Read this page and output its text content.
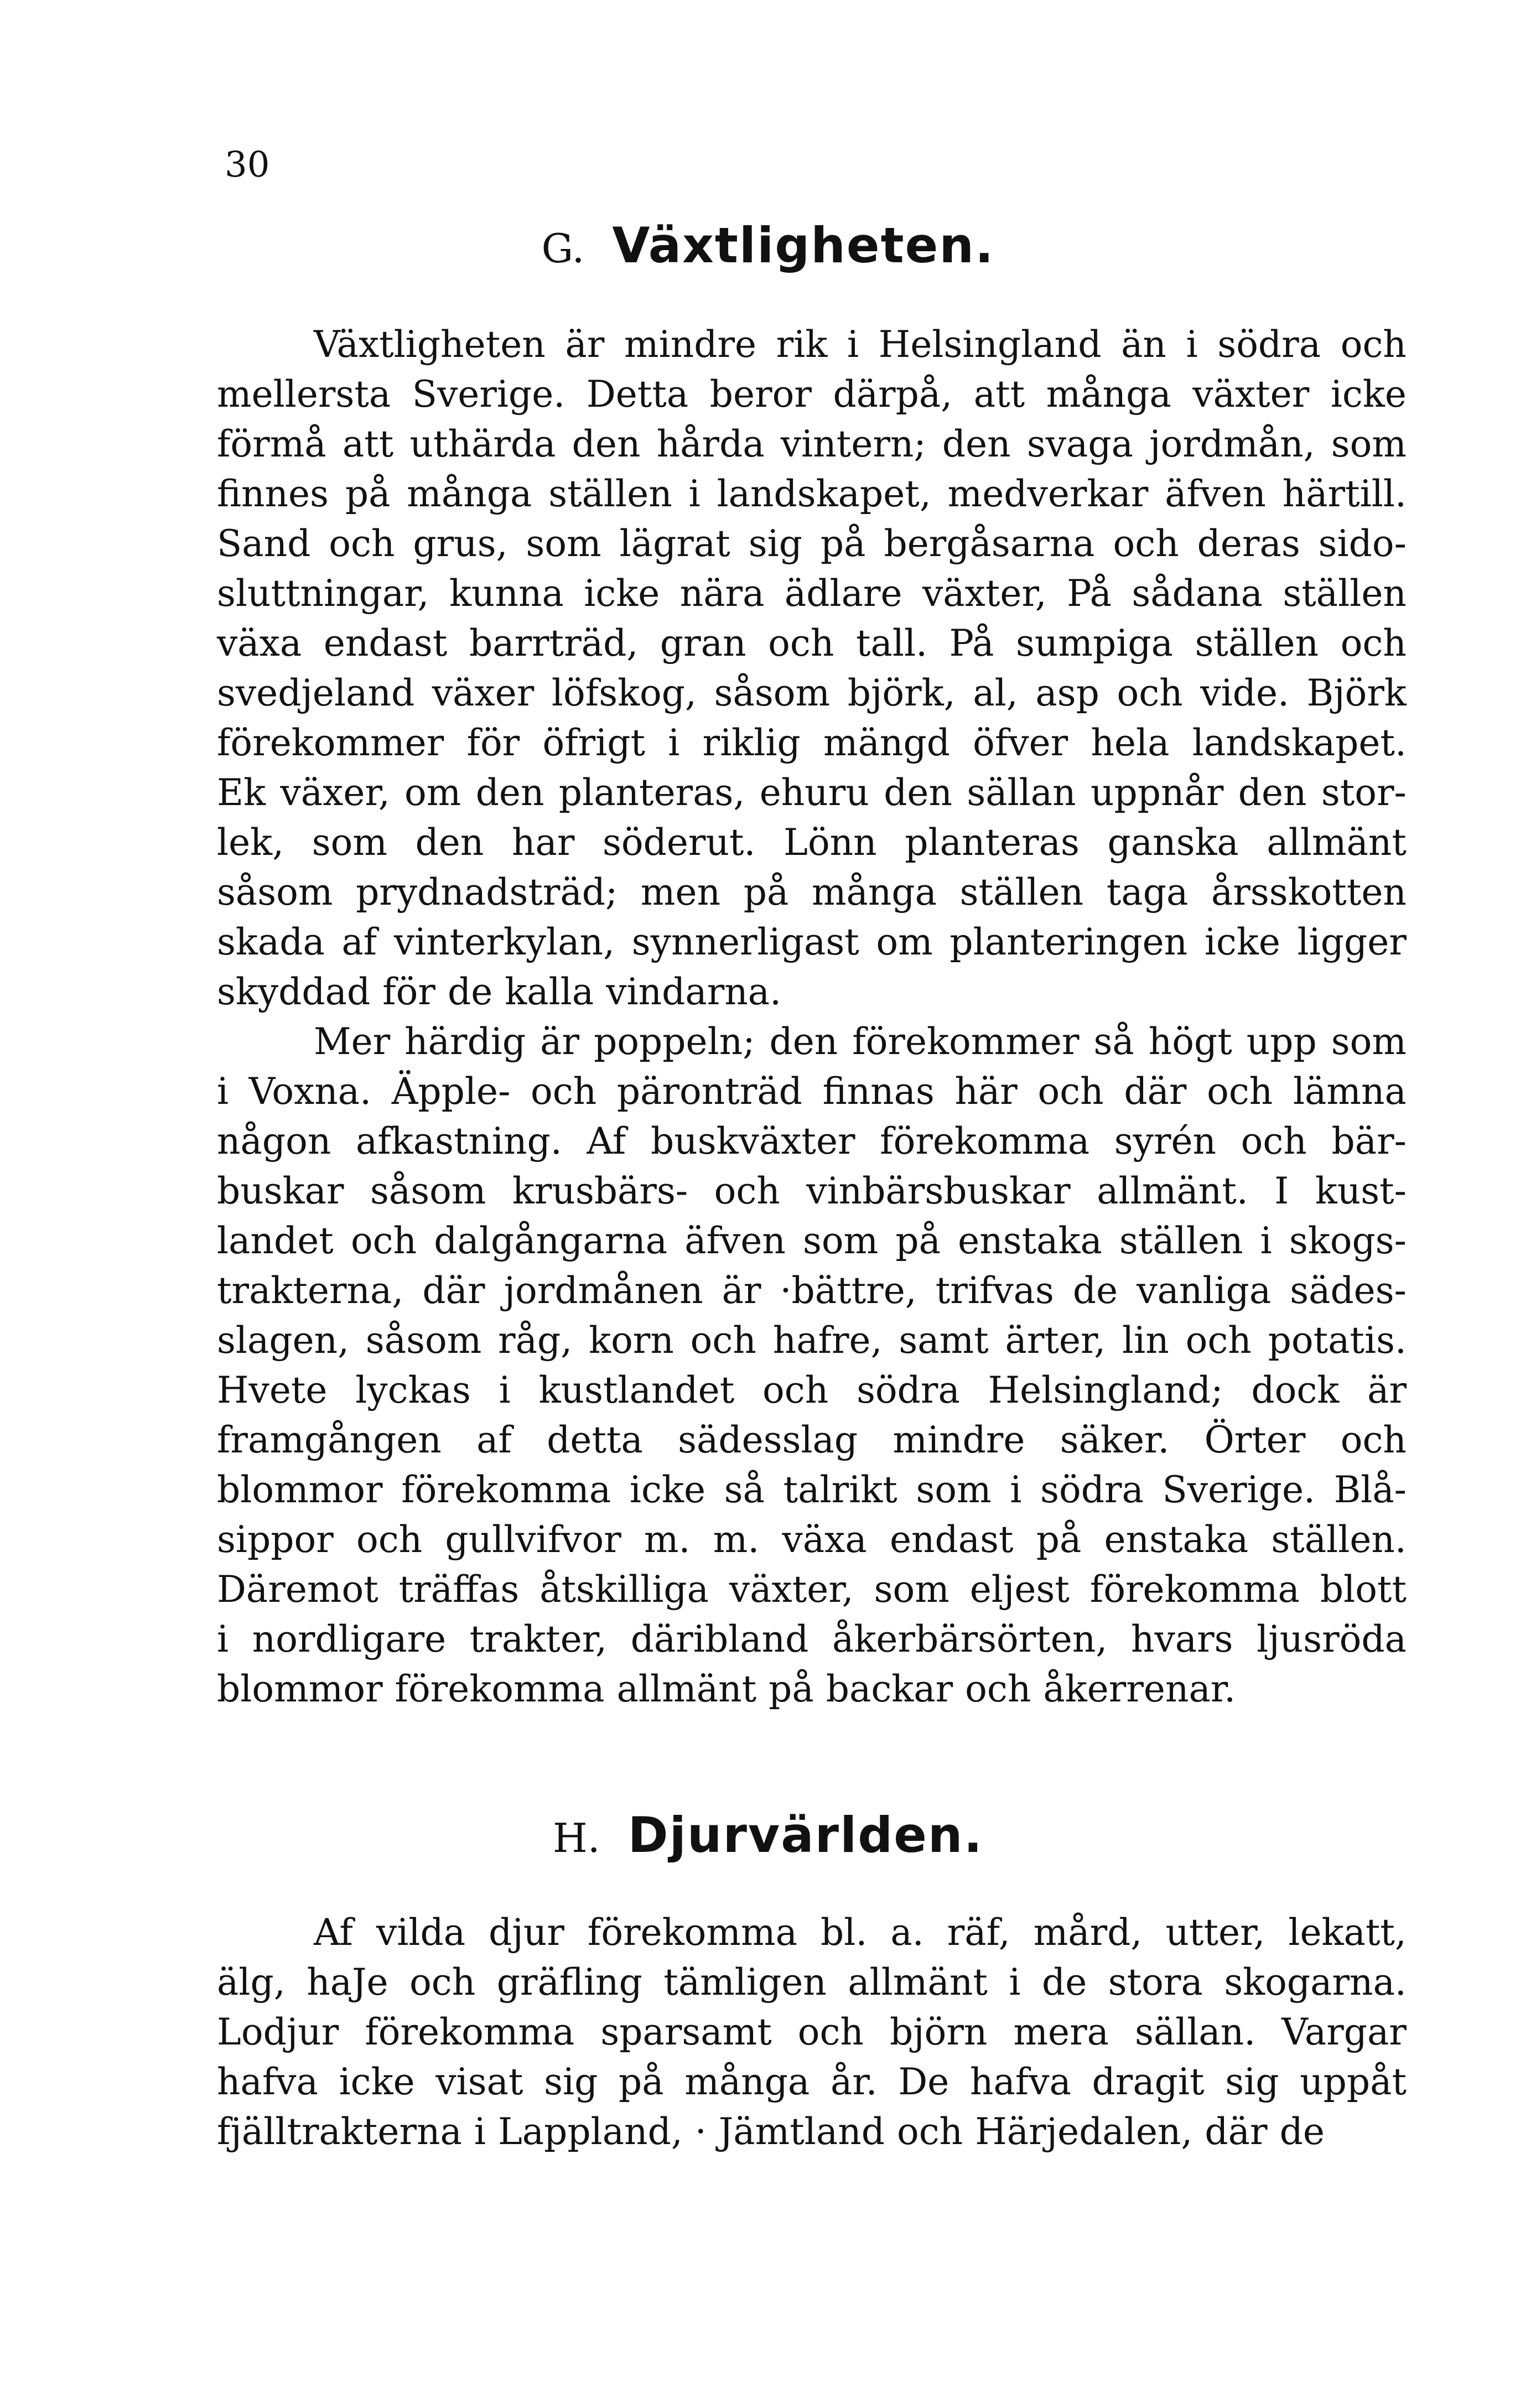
30
G. Växtligheten.
Växtligheten är mindre rik i Helsingland än i södra och
mellersta Sverige. Detta beror därpå, att många växter icke
förmå att uthärda den hårda vintern; den svaga jordmån, som
finnes på många ställen i landskapet, medverkar äfven härtill.
Sand och grus, som lägrat sig på bergåsarna och deras sido-
sluttningar, kunna icke nära ädlare växter, På sådana ställen
växa endast barrträd, gran och tall. På sumpiga ställen och
svedjeland växer löfskog, såsom björk, al, asp och vide. Björk
förekommer för öfrigt i riklig mängd öfver hela landskapet.
Ek växer, om den planteras, ehuru den sällan uppnår den stor-
lek, som den har söderut. Lönn planteras ganska allmänt
såsom prydnadsträd; men på många ställen taga årsskotten
skada af vinterkylan, synnerligast om planteringen icke ligger
skyddad för de kalla vindarna.
Mer härdig är poppeln; den förekommer så högt upp som
i Voxna. Äpple- och päronträd finnas här och där och lämna
någon afkastning. Af buskväxter förekomma syrén och bär-
buskar såsom krusbärs- och vinbärsbuskar allmänt. I kust-
landet och dalgångarna äfven som på enstaka ställen i skogs-
trakterna, där jordmånen är ·bättre, trifvas de vanliga sädes-
slagen, såsom råg, korn och hafre, samt ärter, lin och potatis.
Hvete lyckas i kustlandet och södra Helsingland; dock är
framgången af detta sädesslag mindre säker. Örter och
blommor förekomma icke så talrikt som i södra Sverige. Blå-
sippor och gullvifvor m. m. växa endast på enstaka ställen.
Däremot träffas åtskilliga växter, som eljest förekomma blott
i nordligare trakter, däribland åkerbärsörten, hvars ljusröda
blommor förekomma allmänt på backar och åkerrenar.
H. Djurvärlden.
Af vilda djur förekomma bl. a. räf, mård, utter, lekatt,
älg, haJe och gräfling tämligen allmänt i de stora skogarna.
Lodjur förekomma sparsamt och björn mera sällan. Vargar
hafva icke visat sig på många år. De hafva dragit sig uppåt
fjälltrakterna i Lappland, · Jämtland och Härjedalen, där de
